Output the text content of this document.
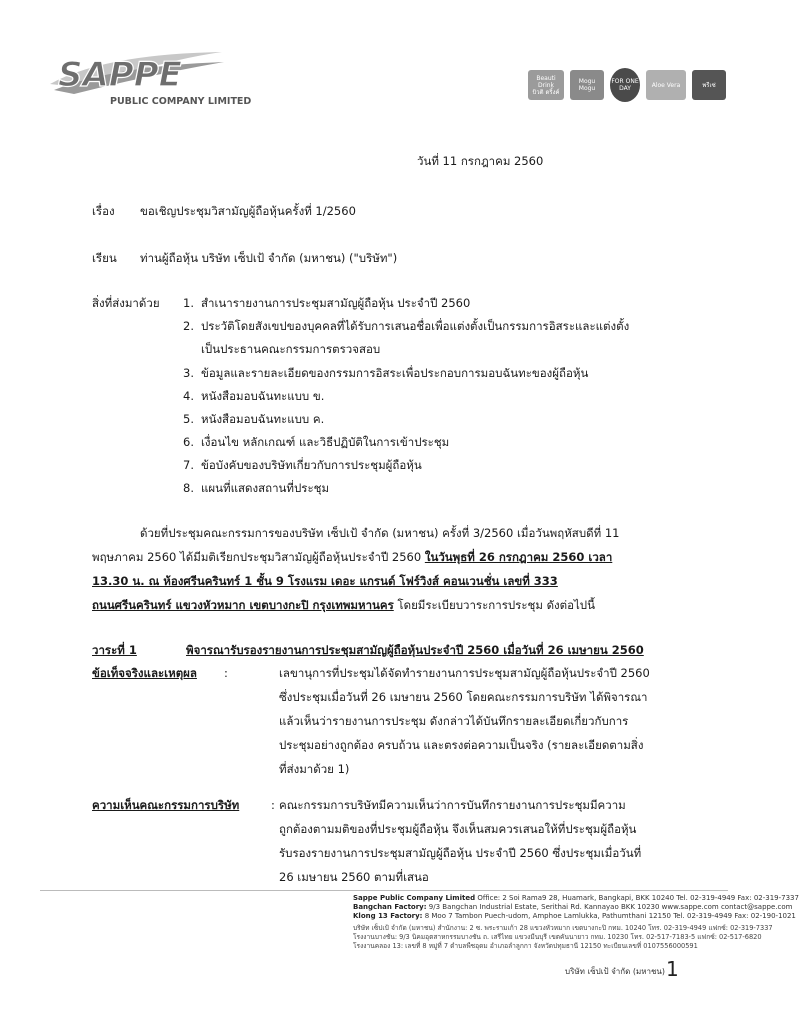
SAPPE
PUBLIC COMPANY LIMITED
Beauti Drink
บิวติ ดริ้งค์
Mogu Mogu
FOR ONE DAY	Aloe Vera	พรีเซ่
วันที่ 11 กรกฎาคม 2560
เรื่อง ขอเชิญประชุมวิสามัญผู้ถือหุ้นครั้งที่ 1/2560
เรียน ท่านผู้ถือหุ้น บริษัท เซ็ปเป้ จำกัด (มหาชน) ("บริษัท")
สิ่งที่ส่งมาด้วย	1. สำเนารายงานการประชุมสามัญผู้ถือหุ้น ประจำปี 2560
2. ประวัติโดยสังเขปของบุคคลที่ได้รับการเสนอชื่อเพื่อแต่งตั้งเป็นกรรมการอิสระและแต่งตั้ง
เป็นประธานคณะกรรมการตรวจสอบ
3. ข้อมูลและรายละเอียดของกรรมการอิสระเพื่อประกอบการมอบฉันทะของผู้ถือหุ้น
4. หนังสือมอบฉันทะแบบ ข.
5. หนังสือมอบฉันทะแบบ ค.
6. เงื่อนไข หลักเกณฑ์ และวิธีปฏิบัติในการเข้าประชุม
7. ข้อบังคับของบริษัทเกี่ยวกับการประชุมผู้ถือหุ้น
8. แผนที่แสดงสถานที่ประชุม
ด้วยที่ประชุมคณะกรรมการของบริษัท เซ็ปเป้ จำกัด (มหาชน) ครั้งที่ 3/2560 เมื่อวันพฤหัสบดีที่ 11
พฤษภาคม 2560 ได้มีมติเรียกประชุมวิสามัญผู้ถือหุ้นประจำปี 2560 ในวันพุธที่ 26 กรกฎาคม 2560 เวลา
13.30 น. ณ ห้องศรีนครินทร์ 1 ชั้น 9 โรงแรม เดอะ แกรนด์ โฟร์วิงส์ คอนเวนชั่น เลขที่ 333
ถนนศรีนครินทร์ แขวงหัวหมาก เขตบางกะปิ กรุงเทพมหานคร โดยมีระเบียบวาระการประชุม ดังต่อไปนี้
วาระที่ 1	พิจารณารับรองรายงานการประชุมสามัญผู้ถือหุ้นประจำปี 2560 เมื่อวันที่ 26 เมษายน 2560
ข้อเท็จจริงและเหตุผล :	เลขานุการที่ประชุมได้จัดทำรายงานการประชุมสามัญผู้ถือหุ้นประจำปี 2560
ซึ่งประชุมเมื่อวันที่ 26 เมษายน 2560 โดยคณะกรรมการบริษัท ได้พิจารณา
แล้วเห็นว่ารายงานการประชุม ดังกล่าวได้บันทึกรายละเอียดเกี่ยวกับการ
ประชุมอย่างถูกต้อง ครบถ้วน และตรงต่อความเป็นจริง (รายละเอียดตามสิ่ง
ที่ส่งมาด้วย 1)
ความเห็นคณะกรรมการบริษัท	: คณะกรรมการบริษัทมีความเห็นว่าการบันทึกรายงานการประชุมมีความ
ถูกต้องตามมติของที่ประชุมผู้ถือหุ้น จึงเห็นสมควรเสนอให้ที่ประชุมผู้ถือหุ้น
รับรองรายงานการประชุมสามัญผู้ถือหุ้น ประจำปี 2560 ซึ่งประชุมเมื่อวันที่
26 เมษายน 2560 ตามที่เสนอ
Sappe Public Company Limited Office: 2 Soi Rama9 28, Huamark, Bangkapi, BKK 10240 Tel. 02-319-4949 Fax: 02-319-7337
Bangchan Factory: 9/3 Bangchan Industrial Estate, Serithai Rd. Kannayao BKK 10230 www.sappe.com contact@sappe.com
Klong 13 Factory: 8 Moo 7 Tambon Puech-udom, Amphoe Lamlukka, Pathumthani 12150 Tel. 02-319-4949 Fax: 02-190-1021
บริษัท เซ็ปเป้ จำกัด (มหาชน) สำนักงาน: 2 ซ. พระรามเก้า 28 แขวงหัวหมาก เขตบางกะปิ กทม. 10240 โทร. 02-319-4949 แฟกซ์: 02-319-7337
โรงงานบางชัน: 9/3 นิคมอุตสาหกรรมบางชัน ถ. เสรีไทย แขวงมีนบุรี เขตคันนายาว กทม. 10230 โทร. 02-517-7183-5 แฟกซ์: 02-517-6820
โรงงานคลอง 13: เลขที่ 8 หมู่ที่ 7 ตำบลพืชอุดม อำเภอลำลูกกา จังหวัดปทุมธานี 12150 ทะเบียนเลขที่ 0107556000591
บริษัท เซ็ปเป้ จำกัด (มหาชน) 1
